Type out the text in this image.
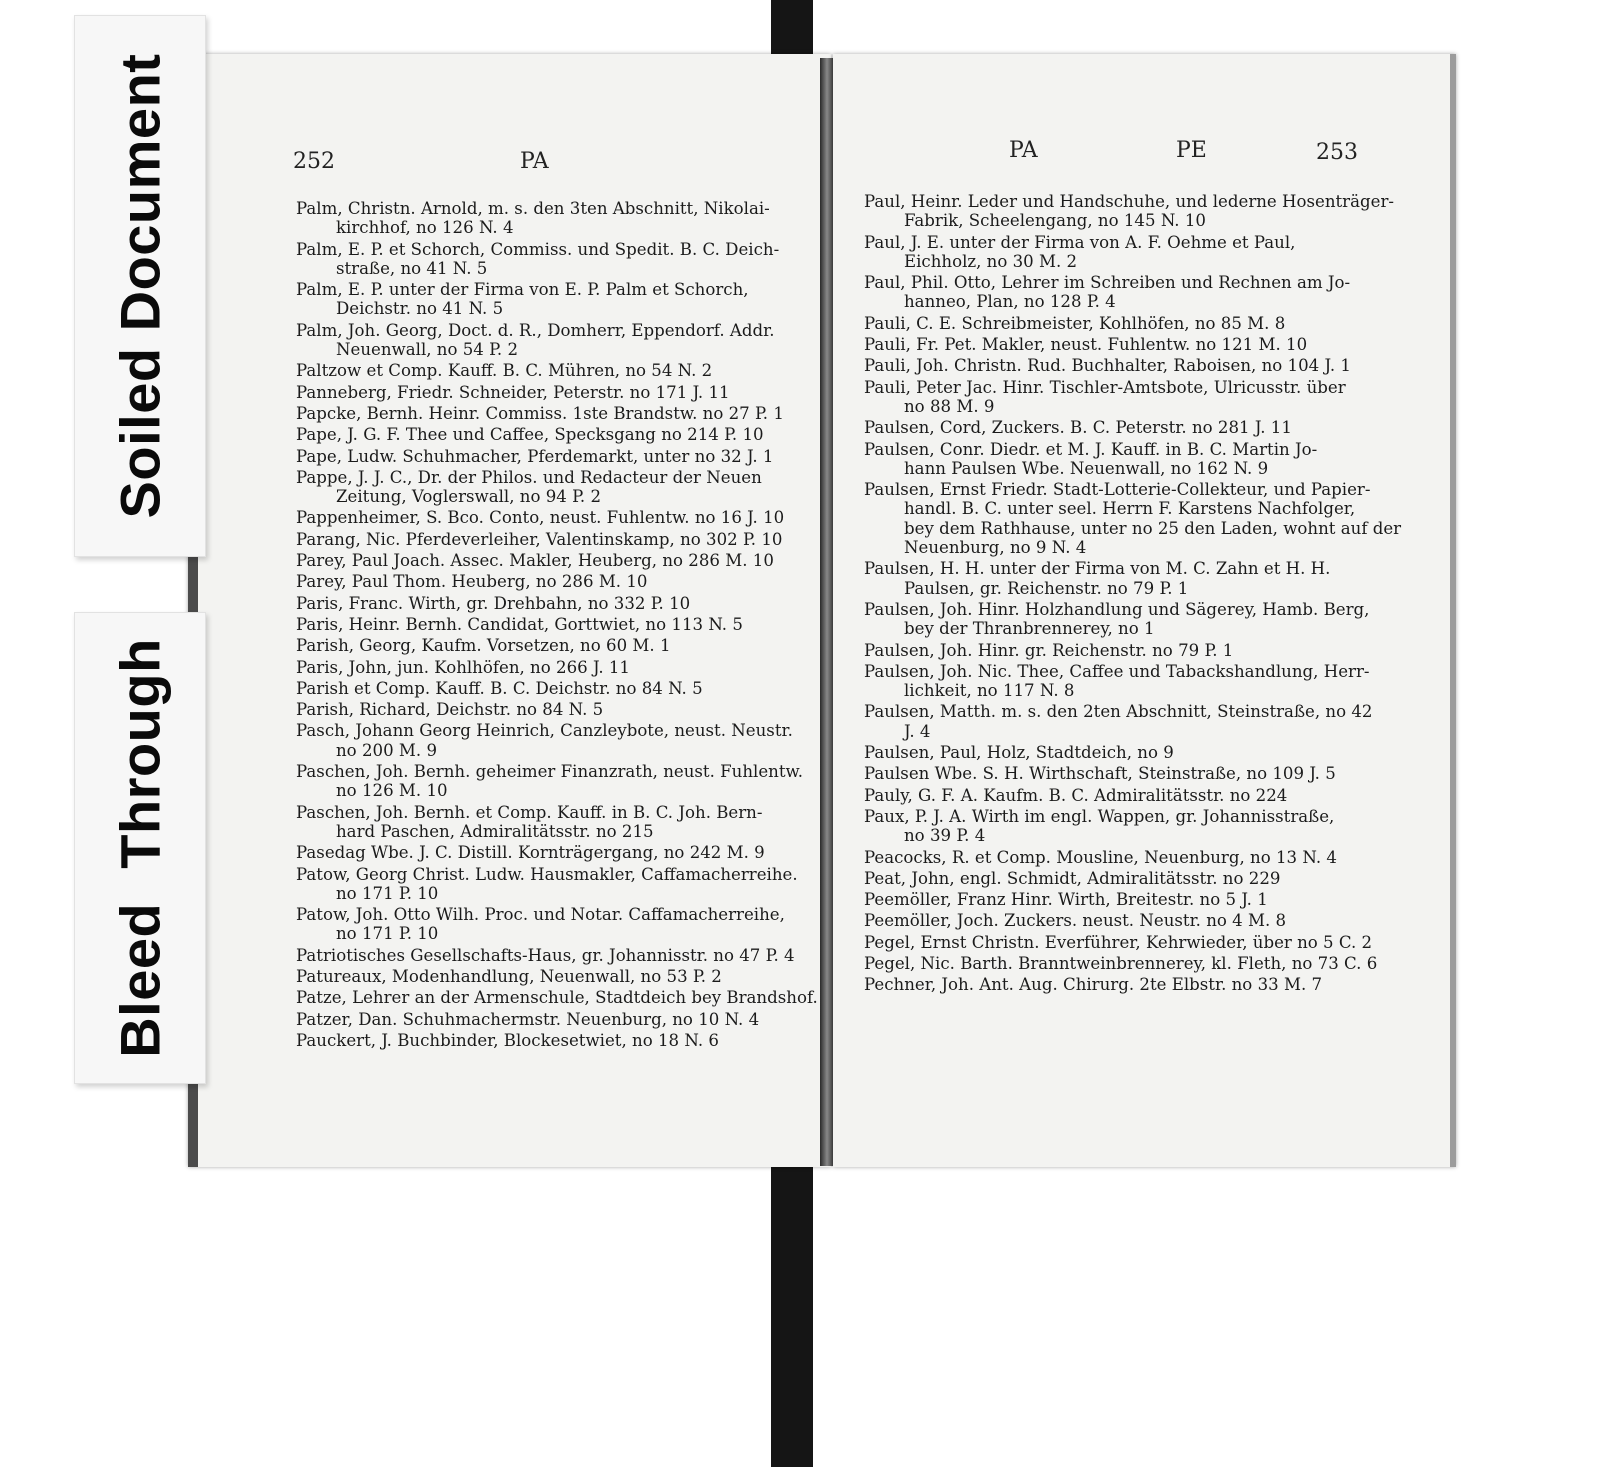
252	PA
Palm, Christn. Arnold, m. s. den 3ten Abschnitt, Nikolai-
kirchhof, no 126 N. 4
Palm, E. P. et Schorch, Commiss. und Spedit. B. C. Deich-
straße, no 41 N. 5
Palm, E. P. unter der Firma von E. P. Palm et Schorch,
Deichstr. no 41 N. 5
Palm, Joh. Georg, Doct. d. R., Domherr, Eppendorf. Addr.
Neuenwall, no 54 P. 2
Paltzow et Comp. Kauff. B. C. Mühren, no 54 N. 2
Panneberg, Friedr. Schneider, Peterstr. no 171 J. 11
Papcke, Bernh. Heinr. Commiss. 1ste Brandstw. no 27 P. 1
Pape, J. G. F. Thee und Caffee, Specksgang no 214 P. 10
Pape, Ludw. Schuhmacher, Pferdemarkt, unter no 32 J. 1
Pappe, J. J. C., Dr. der Philos. und Redacteur der Neuen
Zeitung, Voglerswall, no 94 P. 2
Pappenheimer, S. Bco. Conto, neust. Fuhlentw. no 16 J. 10
Parang, Nic. Pferdeverleiher, Valentinskamp, no 302 P. 10
Parey, Paul Joach. Assec. Makler, Heuberg, no 286 M. 10
Parey, Paul Thom. Heuberg, no 286 M. 10
Paris, Franc. Wirth, gr. Drehbahn, no 332 P. 10
Paris, Heinr. Bernh. Candidat, Gorttwiet, no 113 N. 5
Parish, Georg, Kaufm. Vorsetzen, no 60 M. 1
Paris, John, jun. Kohlhöfen, no 266 J. 11
Parish et Comp. Kauff. B. C. Deichstr. no 84 N. 5
Parish, Richard, Deichstr. no 84 N. 5
Pasch, Johann Georg Heinrich, Canzleybote, neust. Neustr.
no 200 M. 9
Paschen, Joh. Bernh. geheimer Finanzrath, neust. Fuhlentw.
no 126 M. 10
Paschen, Joh. Bernh. et Comp. Kauff. in B. C. Joh. Bern-
hard Paschen, Admiralitätsstr. no 215
Pasedag Wbe. J. C. Distill. Kornträgergang, no 242 M. 9
Patow, Georg Christ. Ludw. Hausmakler, Caffamacherreihe.
no 171 P. 10
Patow, Joh. Otto Wilh. Proc. und Notar. Caffamacherreihe,
no 171 P. 10
Patriotisches Gesellschafts-Haus, gr. Johannisstr. no 47 P. 4
Patureaux, Modenhandlung, Neuenwall, no 53 P. 2
Patze, Lehrer an der Armenschule, Stadtdeich bey Brandshof.
Patzer, Dan. Schuhmachermstr. Neuenburg, no 10 N. 4
Pauckert, J. Buchbinder, Blockesetwiet, no 18 N. 6
PA	PE	253
Paul, Heinr. Leder und Handschuhe, und lederne Hosenträger-
Fabrik, Scheelengang, no 145 N. 10
Paul, J. E. unter der Firma von A. F. Oehme et Paul,
Eichholz, no 30 M. 2
Paul, Phil. Otto, Lehrer im Schreiben und Rechnen am Jo-
hanneo, Plan, no 128 P. 4
Pauli, C. E. Schreibmeister, Kohlhöfen, no 85 M. 8
Pauli, Fr. Pet. Makler, neust. Fuhlentw. no 121 M. 10
Pauli, Joh. Christn. Rud. Buchhalter, Raboisen, no 104 J. 1
Pauli, Peter Jac. Hinr. Tischler-Amtsbote, Ulricusstr. über
no 88 M. 9
Paulsen, Cord, Zuckers. B. C. Peterstr. no 281 J. 11
Paulsen, Conr. Diedr. et M. J. Kauff. in B. C. Martin Jo-
hann Paulsen Wbe. Neuenwall, no 162 N. 9
Paulsen, Ernst Friedr. Stadt-Lotterie-Collekteur, und Papier-
handl. B. C. unter seel. Herrn F. Karstens Nachfolger,
bey dem Rathhause, unter no 25 den Laden, wohnt auf der
Neuenburg, no 9 N. 4
Paulsen, H. H. unter der Firma von M. C. Zahn et H. H.
Paulsen, gr. Reichenstr. no 79 P. 1
Paulsen, Joh. Hinr. Holzhandlung und Sägerey, Hamb. Berg,
bey der Thranbrennerey, no 1
Paulsen, Joh. Hinr. gr. Reichenstr. no 79 P. 1
Paulsen, Joh. Nic. Thee, Caffee und Tabackshandlung, Herr-
lichkeit, no 117 N. 8
Paulsen, Matth. m. s. den 2ten Abschnitt, Steinstraße, no 42
J. 4
Paulsen, Paul, Holz, Stadtdeich, no 9
Paulsen Wbe. S. H. Wirthschaft, Steinstraße, no 109 J. 5
Pauly, G. F. A. Kaufm. B. C. Admiralitätsstr. no 224
Paux, P. J. A. Wirth im engl. Wappen, gr. Johannisstraße,
no 39 P. 4
Peacocks, R. et Comp. Mousline, Neuenburg, no 13 N. 4
Peat, John, engl. Schmidt, Admiralitätsstr. no 229
Peemöller, Franz Hinr. Wirth, Breitestr. no 5 J. 1
Peemöller, Joch. Zuckers. neust. Neustr. no 4 M. 8
Pegel, Ernst Christn. Everführer, Kehrwieder, über no 5 C. 2
Pegel, Nic. Barth. Branntweinbrennerey, kl. Fleth, no 73 C. 6
Pechner, Joh. Ant. Aug. Chirurg. 2te Elbstr. no 33 M. 7
Soiled Document
Bleed Through
